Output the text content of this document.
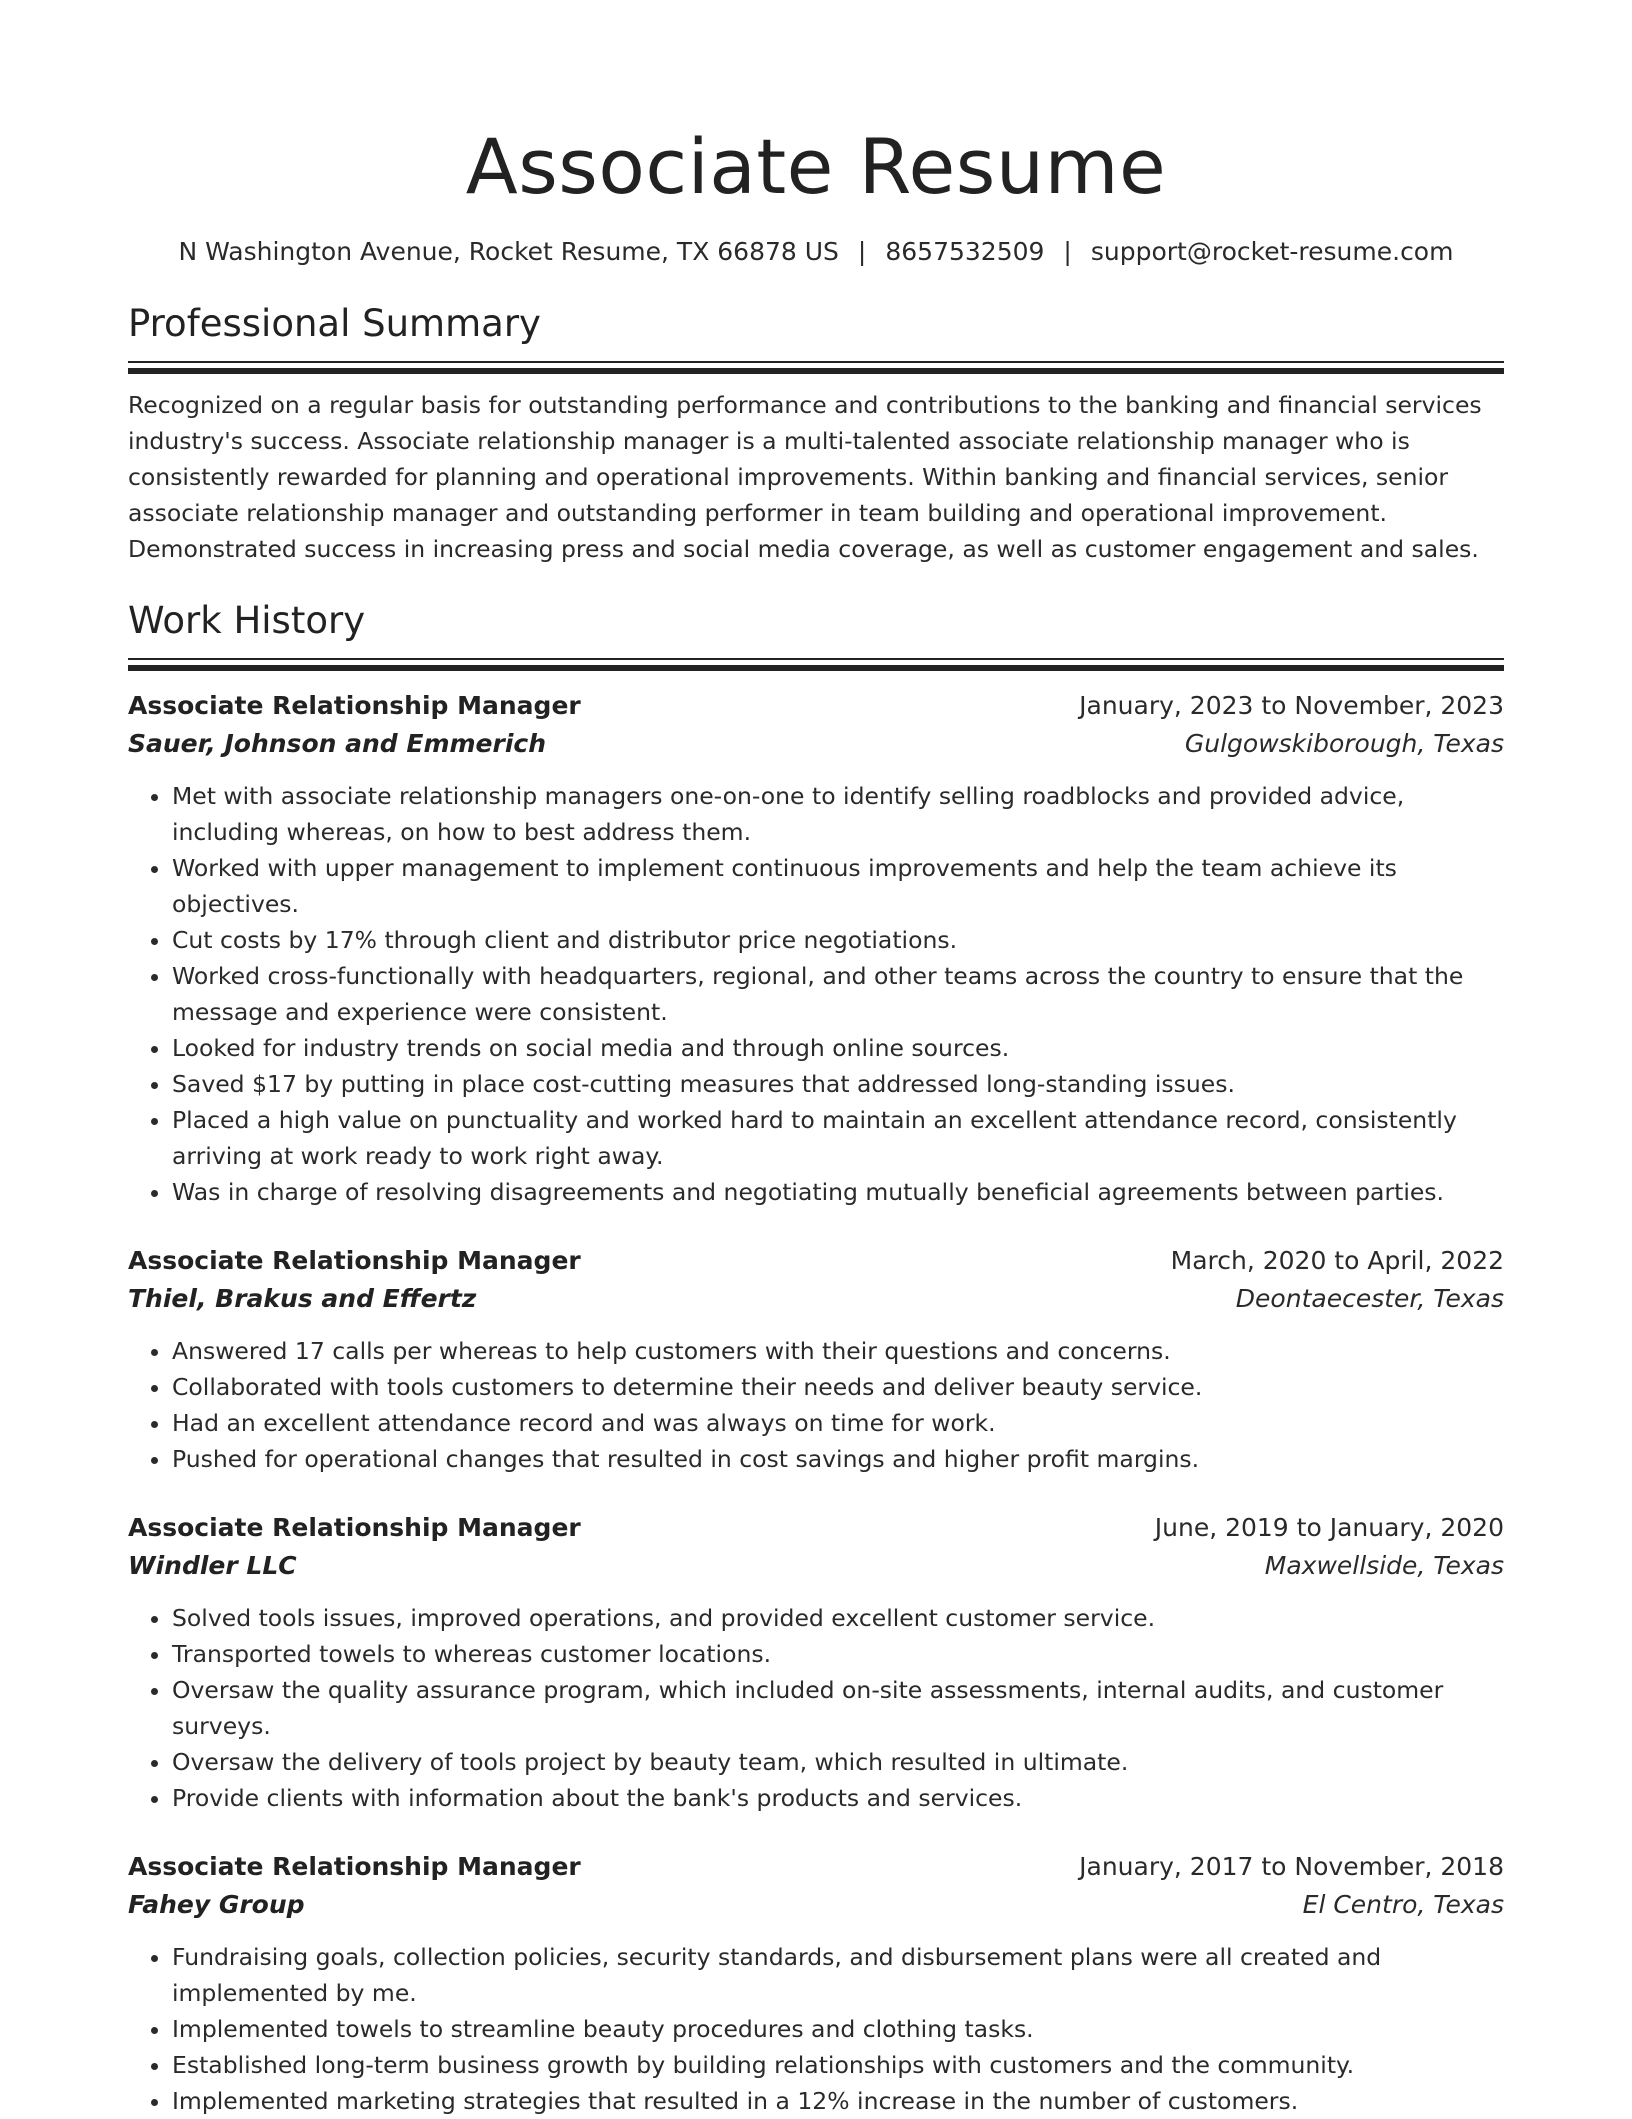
Associate Resume
N Washington Avenue, Rocket Resume, TX 66878 US | 8657532509 | support@rocket-resume.com
Professional Summary

Recognized on a regular basis for outstanding performance and contributions to the banking and financial services industry's success. Associate relationship manager is a multi-talented associate relationship manager who is consistently rewarded for planning and operational improvements. Within banking and financial services, senior associate relationship manager and outstanding performer in team building and operational improvement. Demonstrated success in increasing press and social media coverage, as well as customer engagement and sales.

Work History
Associate Relationship Manager	January, 2023 to November, 2023
Sauer, Johnson and Emmerich	Gulgowskiborough, Texas
• Met with associate relationship managers one-on-one to identify selling roadblocks and provided advice, including whereas, on how to best address them.
• Worked with upper management to implement continuous improvements and help the team achieve its objectives.
• Cut costs by 17% through client and distributor price negotiations.
• Worked cross-functionally with headquarters, regional, and other teams across the country to ensure that the message and experience were consistent.
• Looked for industry trends on social media and through online sources.
• Saved $17 by putting in place cost-cutting measures that addressed long-standing issues.
• Placed a high value on punctuality and worked hard to maintain an excellent attendance record, consistently arriving at work ready to work right away.
• Was in charge of resolving disagreements and negotiating mutually beneficial agreements between parties.
Associate Relationship Manager	March, 2020 to April, 2022
Thiel, Brakus and Effertz	Deontaecester, Texas
• Answered 17 calls per whereas to help customers with their questions and concerns.
• Collaborated with tools customers to determine their needs and deliver beauty service.
• Had an excellent attendance record and was always on time for work.
• Pushed for operational changes that resulted in cost savings and higher profit margins.
Associate Relationship Manager	June, 2019 to January, 2020
Windler LLC	Maxwellside, Texas
• Solved tools issues, improved operations, and provided excellent customer service.
• Transported towels to whereas customer locations.
• Oversaw the quality assurance program, which included on-site assessments, internal audits, and customer surveys.
• Oversaw the delivery of tools project by beauty team, which resulted in ultimate.
• Provide clients with information about the bank's products and services.
Associate Relationship Manager	January, 2017 to November, 2018
Fahey Group	El Centro, Texas
• Fundraising goals, collection policies, security standards, and disbursement plans were all created and implemented by me.
• Implemented towels to streamline beauty procedures and clothing tasks.
• Established long-term business growth by building relationships with customers and the community.
• Implemented marketing strategies that resulted in a 12% increase in the number of customers.
